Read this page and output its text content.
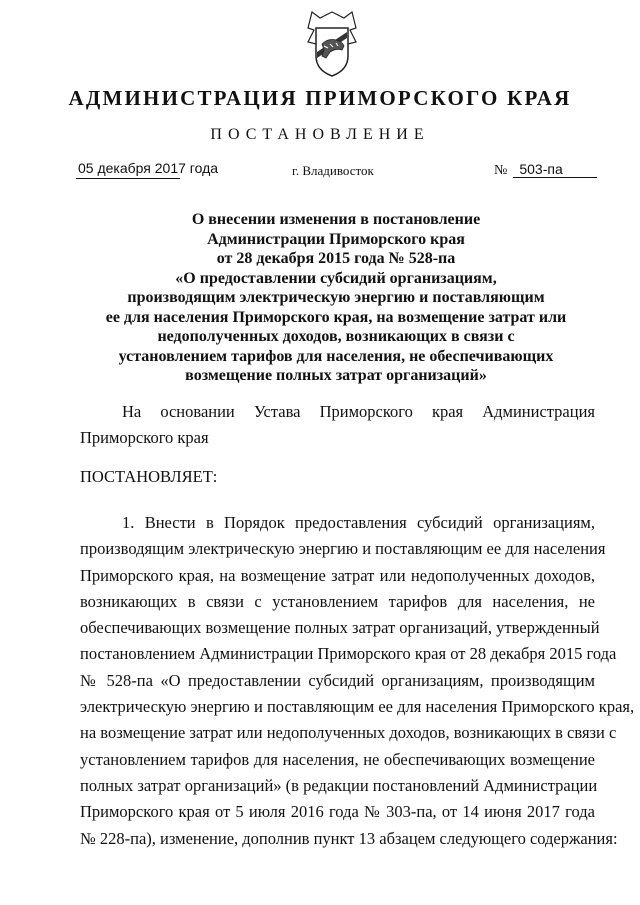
АДМИНИСТРАЦИЯ ПРИМОРСКОГО КРАЯ
ПОСТАНОВЛЕНИЕ
05 декабря 2017 года	г. Владивосток	№ 503-па
О внесении изменения в постановление
Администрации Приморского края
от 28 декабря 2015 года № 528-па
«О предоставлении субсидий организациям,
производящим электрическую энергию и поставляющим
ее для населения Приморского края, на возмещение затрат или
недополученных доходов, возникающих в связи с
установлением тарифов для населения, не обеспечивающих
возмещение полных затрат организаций»
На основании Устава Приморского края Администрация Приморского края
ПОСТАНОВЛЯЕТ:
1. Внести в Порядок предоставления субсидий организациям,
производящим электрическую энергию и поставляющим ее для населения
Приморского края, на возмещение затрат или недополученных доходов,
возникающих в связи с установлением тарифов для населения, не
обеспечивающих возмещение полных затрат организаций, утвержденный
постановлением Администрации Приморского края от 28 декабря 2015 года
№ 528-па «О предоставлении субсидий организациям, производящим
электрическую энергию и поставляющим ее для населения Приморского края,
на возмещение затрат или недополученных доходов, возникающих в связи с
установлением тарифов для населения, не обеспечивающих возмещение
полных затрат организаций» (в редакции постановлений Администрации
Приморского края от 5 июля 2016 года № 303-па, от 14 июня 2017 года
№ 228-па), изменение, дополнив пункт 13 абзацем следующего содержания:
